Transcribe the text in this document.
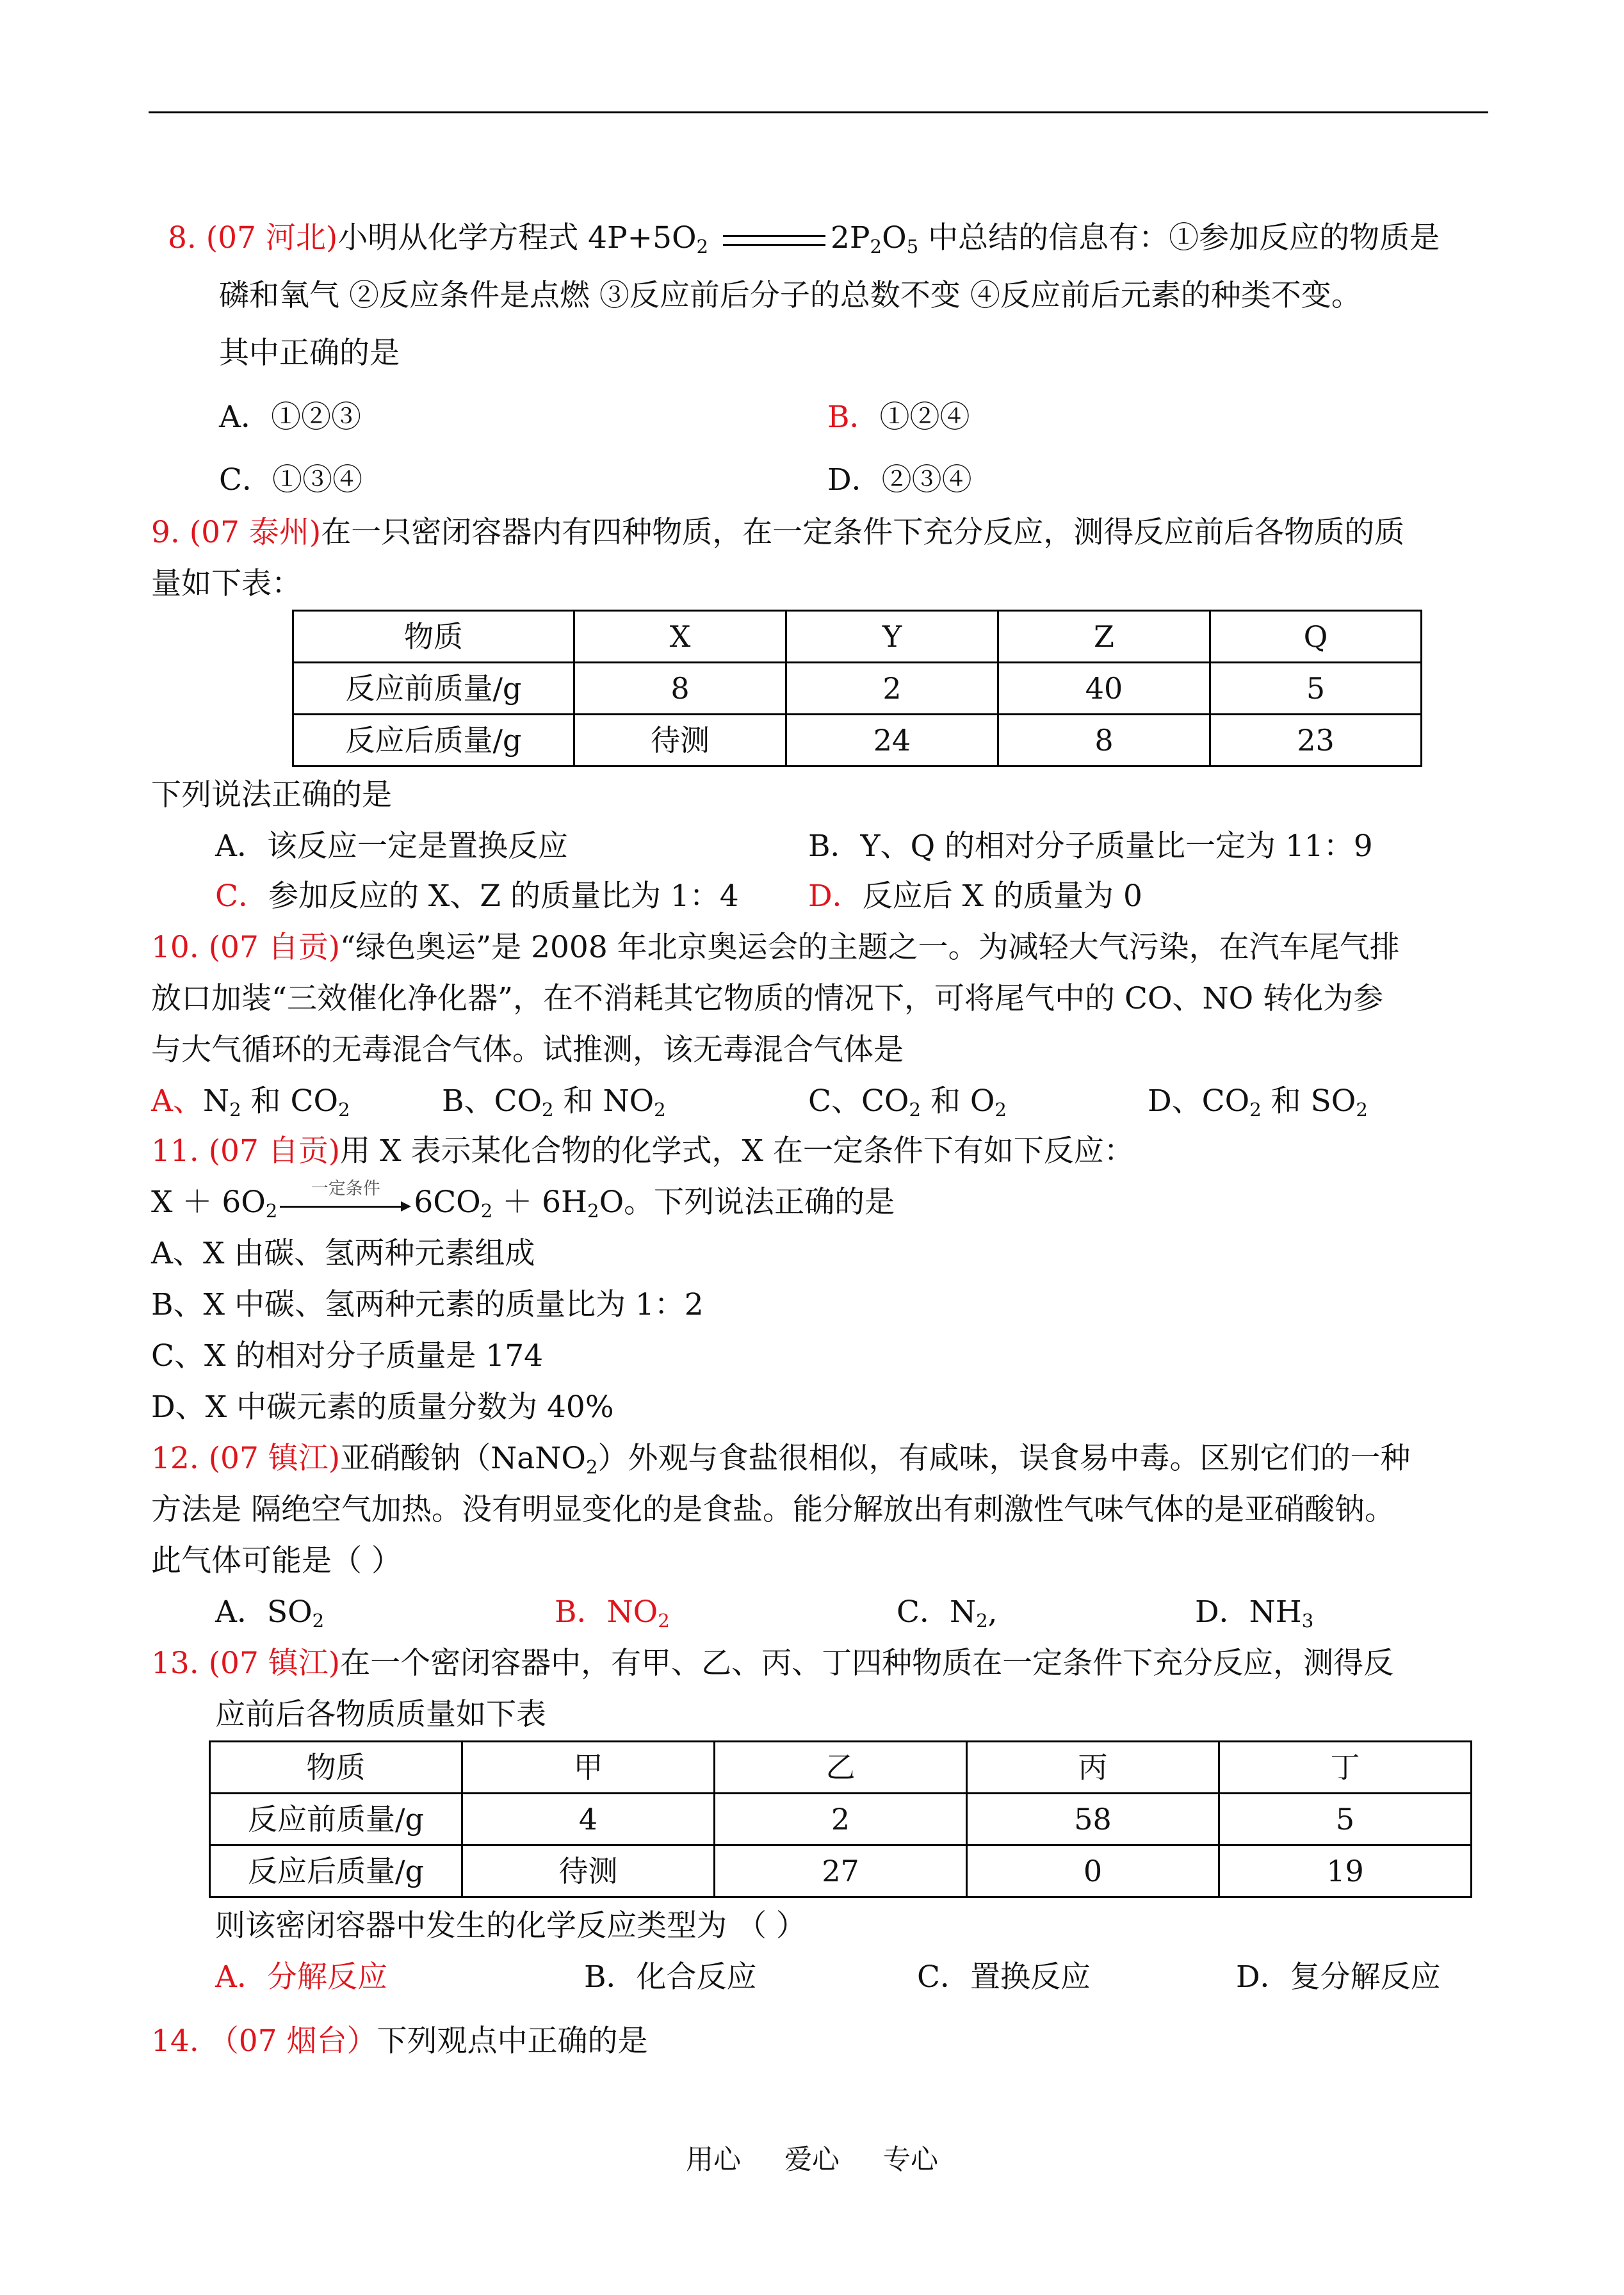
8. (07 河北)小明从化学方程式 $4P+5O_2$	$2P_2O_5$ 中总结的信息有：①参加反应的物质是
磷和氧气 ②反应条件是点燃 ③反应前后分子的总数不变 ④反应前后元素的种类不变。
其中正确的是
A．①②③	B．①②④
C．①③④	D．②③④
9. (07 泰州)在一只密闭容器内有四种物质，在一定条件下充分反应，测得反应前后各物质的质
量如下表：
物质	X	Y	Z	Q
反应前质量/g	8	2	40	5
反应后质量/g	待测	24	8	23
下列说法正确的是
A．该反应一定是置换反应	B．Y、Q 的相对分子质量比一定为 11：9
C．参加反应的 X、Z 的质量比为 1：4 D．反应后 X 的质量为 0
10. (07 自贡)“绿色奥运”是 2008 年北京奥运会的主题之一。为减轻大气污染，在汽车尾气排
放口加装“三效催化净化器”，在不消耗其它物质的情况下，可将尾气中的 CO、NO 转化为参
与大气循环的无毒混合气体。试推测，该无毒混合气体是
A、$N_2$ 和 $CO_2$	B、$CO_2$ 和 $NO_2$	C、$CO_2$ 和 $O_2$	D、$CO_2$ 和 $SO_2$
11. (07 自贡)用 X 表示某化合物的化学式，X 在一定条件下有如下反应：
$X + 6O_2$
一定条件	$6CO_2 + 6H_2O$。下列说法正确的是
A、X 由碳、氢两种元素组成
B、X 中碳、氢两种元素的质量比为 1：2
C、X 的相对分子质量是 174
D、X 中碳元素的质量分数为 40%
12. (07 镇江)亚硝酸钠（NaNO$_2$）外观与食盐很相似，有咸味，误食易中毒。区别它们的一种
方法是 隔绝空气加热。没有明显变化的是食盐。能分解放出有刺激性气味气体的是亚硝酸钠。
此气体可能是（ ）
A．$SO_2$	B．$NO_2$	C．$N_2$,	D．$NH_3$
13. (07 镇江)在一个密闭容器中，有甲、乙、丙、丁四种物质在一定条件下充分反应，测得反
应前后各物质质量如下表
物质	甲	乙	丙	丁
反应前质量/g	4	2	58	5
反应后质量/g	待测	27	0	19
则该密闭容器中发生的化学反应类型为 （ ）
A．分解反应	B．化合反应	C．置换反应	D．复分解反应
14. （07 烟台）下列观点中正确的是
用心 爱心 专心
